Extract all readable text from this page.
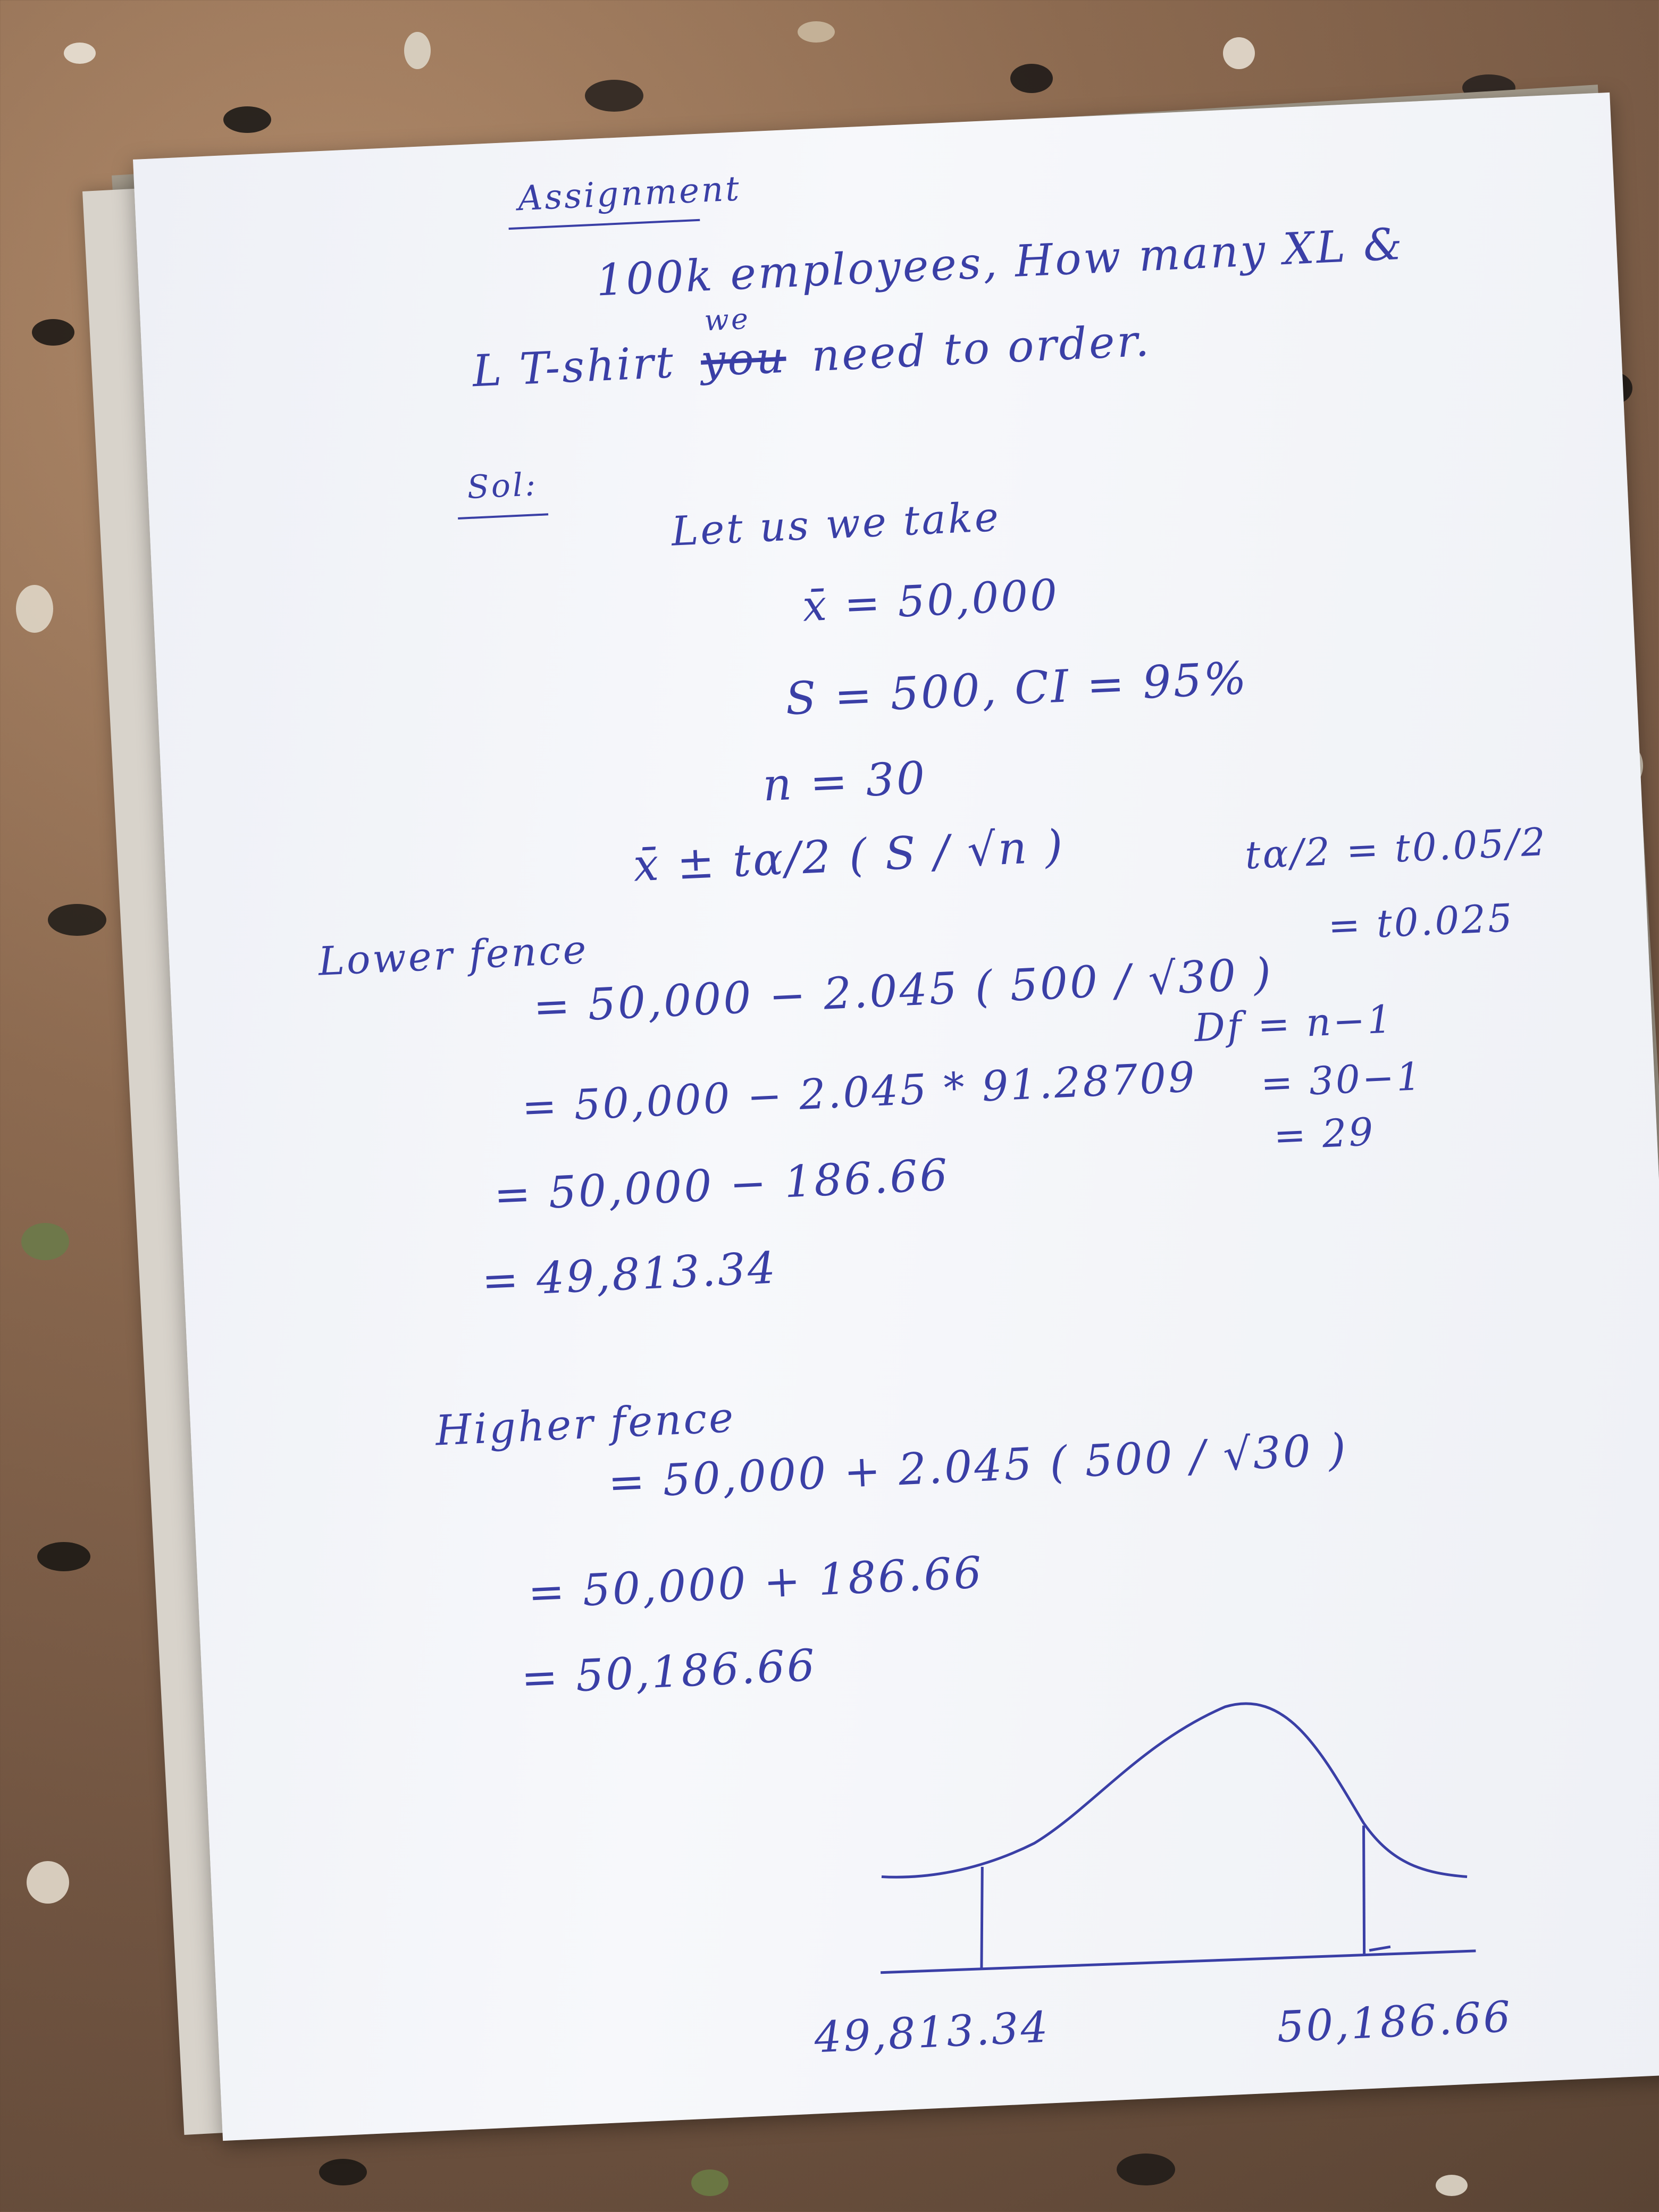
Assignment
100k employees, How many XL &
L T-shirt
we
you need to order.
Sol:
Let us we take
x̄ = 50,000
S = 500, CI = 95%
n = 30
x̄ ± tα/2 ( S / √n )	tα/2 = t0.05/2
= t0.025
Lower fence
= 50,000 − 2.045 ( 500 / √30 )
Df = n−1
= 50,000 − 2.045 * 91.28709 = 30−1
= 29
= 50,000 − 186.66
= 49,813.34
Higher fence
= 50,000 + 2.045 ( 500 / √30 )
= 50,000 + 186.66
= 50,186.66
49,813.34	50,186.66
